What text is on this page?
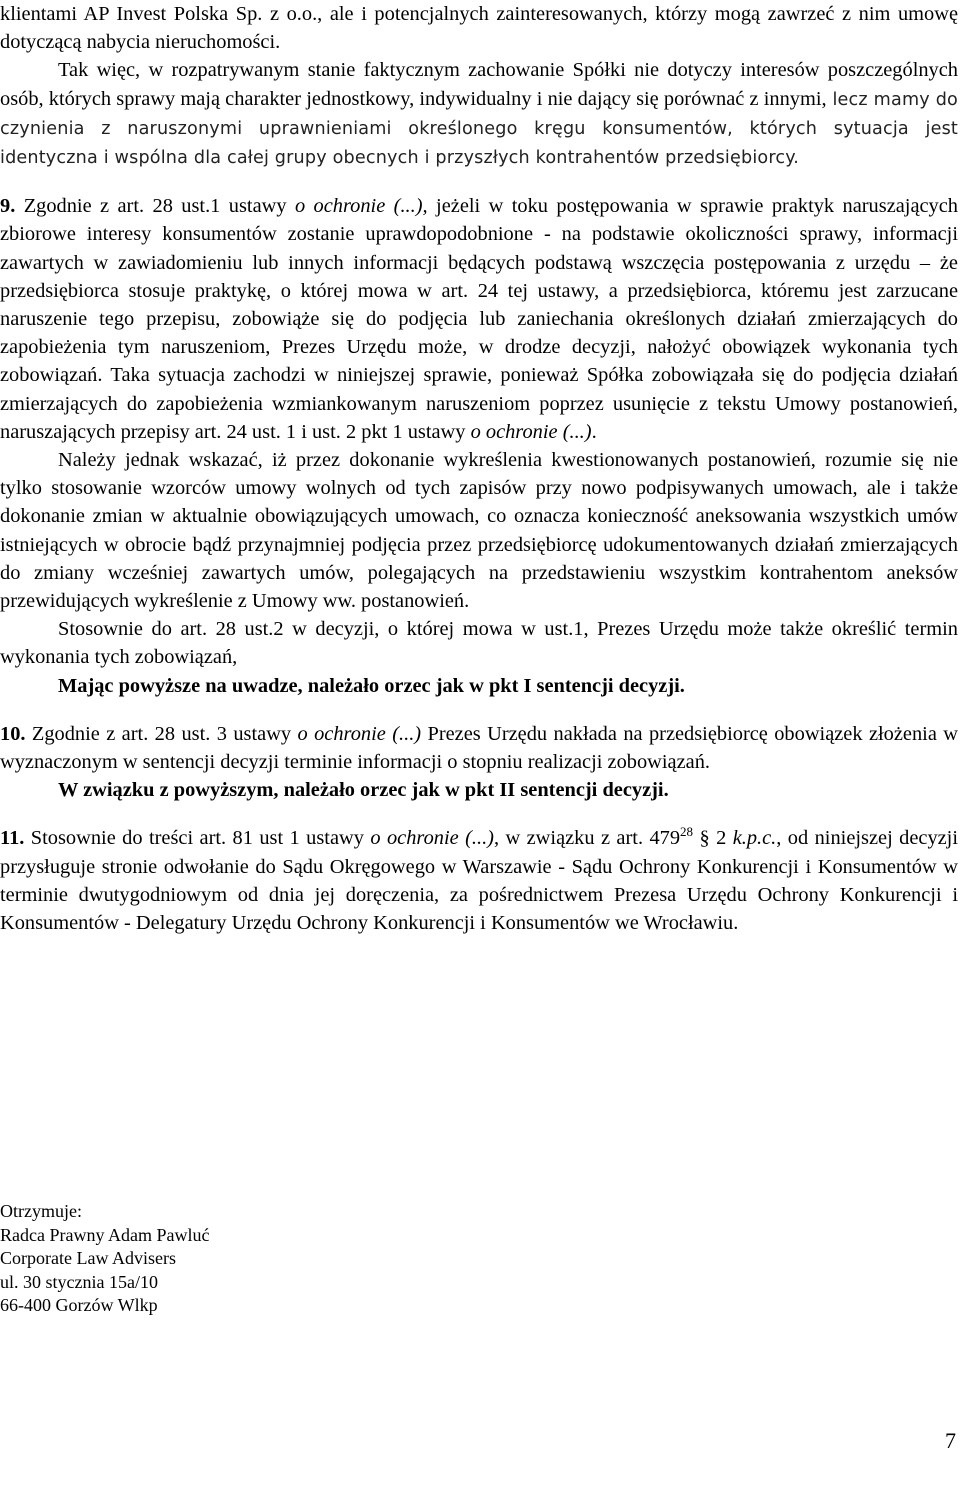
klientami AP Invest Polska Sp. z o.o., ale i potencjalnych zainteresowanych, którzy mogą zawrzeć z nim umowę dotyczącą nabycia nieruchomości.

Tak więc, w rozpatrywanym stanie faktycznym zachowanie Spółki nie dotyczy interesów poszczególnych osób, których sprawy mają charakter jednostkowy, indywidualny i nie dający się porównać z innymi, lecz mamy do czynienia z naruszonymi uprawnieniami określonego kręgu konsumentów, których sytuacja jest identyczna i wspólna dla całej grupy obecnych i przyszłych kontrahentów przedsiębiorcy.

9. Zgodnie z art. 28 ust.1 ustawy o ochronie (...), jeżeli w toku postępowania w sprawie praktyk naruszających zbiorowe interesy konsumentów zostanie uprawdopodobnione - na podstawie okoliczności sprawy, informacji zawartych w zawiadomieniu lub innych informacji będących podstawą wszczęcia postępowania z urzędu – że przedsiębiorca stosuje praktykę, o której mowa w art. 24 tej ustawy, a przedsiębiorca, któremu jest zarzucane naruszenie tego przepisu, zobowiąże się do podjęcia lub zaniechania określonych działań zmierzających do zapobieżenia tym naruszeniom, Prezes Urzędu może, w drodze decyzji, nałożyć obowiązek wykonania tych zobowiązań. Taka sytuacja zachodzi w niniejszej sprawie, ponieważ Spółka zobowiązała się do podjęcia działań zmierzających do zapobieżenia wzmiankowanym naruszeniom poprzez usunięcie z tekstu Umowy postanowień, naruszających przepisy art. 24 ust. 1 i ust. 2 pkt 1 ustawy o ochronie (...).

Należy jednak wskazać, iż przez dokonanie wykreślenia kwestionowanych postanowień, rozumie się nie tylko stosowanie wzorców umowy wolnych od tych zapisów przy nowo podpisywanych umowach, ale i także dokonanie zmian w aktualnie obowiązujących umowach, co oznacza konieczność aneksowania wszystkich umów istniejących w obrocie bądź przynajmniej podjęcia przez przedsiębiorcę udokumentowanych działań zmierzających do zmiany wcześniej zawartych umów, polegających na przedstawieniu wszystkim kontrahentom aneksów przewidujących wykreślenie z Umowy ww. postanowień.

Stosownie do art. 28 ust.2 w decyzji, o której mowa w ust.1, Prezes Urzędu może także określić termin wykonania tych zobowiązań,

Mając powyższe na uwadze, należało orzec jak w pkt I sentencji decyzji.

10. Zgodnie z art. 28 ust. 3 ustawy o ochronie (...) Prezes Urzędu nakłada na przedsiębiorcę obowiązek złożenia w wyznaczonym w sentencji decyzji terminie informacji o stopniu realizacji zobowiązań.

W związku z powyższym, należało orzec jak w pkt II sentencji decyzji.

11. Stosownie do treści art. 81 ust 1 ustawy o ochronie (...), w związku z art. $479^{28}$ § 2 k.p.c., od niniejszej decyzji przysługuje stronie odwołanie do Sądu Okręgowego w Warszawie - Sądu Ochrony Konkurencji i Konsumentów w terminie dwutygodniowym od dnia jej doręczenia, za pośrednictwem Prezesa Urzędu Ochrony Konkurencji i Konsumentów - Delegatury Urzędu Ochrony Konkurencji i Konsumentów we Wrocławiu.

Otrzymuje:
Radca Prawny Adam Pawluć
Corporate Law Advisers
ul. 30 stycznia 15a/10
66-400 Gorzów Wlkp
7
